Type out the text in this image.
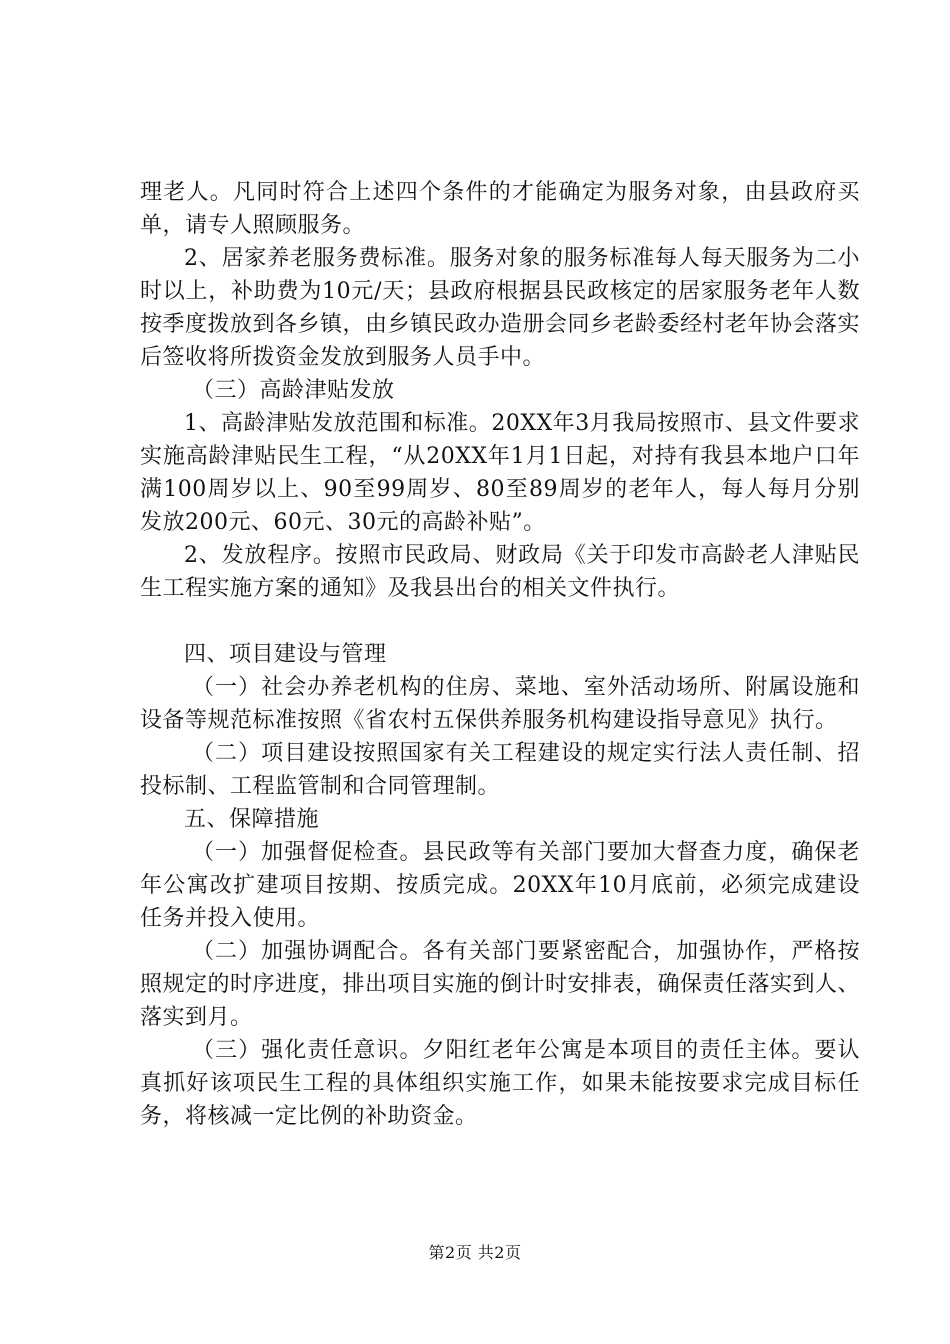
理老人。凡同时符合上述四个条件的才能确定为服务对象，由县政府买单，请专人照顾服务。

2、居家养老服务费标准。服务对象的服务标准每人每天服务为二小时以上，补助费为10元/天；县政府根据县民政核定的居家服务老年人数按季度拨放到各乡镇，由乡镇民政办造册会同乡老龄委经村老年协会落实后签收将所拨资金发放到服务人员手中。

（三）高龄津贴发放

1、高龄津贴发放范围和标准。20XX年3月我局按照市、县文件要求实施高龄津贴民生工程，“从20XX年1月1日起，对持有我县本地户口年满100周岁以上、90至99周岁、80至89周岁的老年人，每人每月分别发放200元、60元、30元的高龄补贴”。

2、发放程序。按照市民政局、财政局《关于印发市高龄老人津贴民生工程实施方案的通知》及我县出台的相关文件执行。

四、项目建设与管理

（一）社会办养老机构的住房、菜地、室外活动场所、附属设施和设备等规范标准按照《省农村五保供养服务机构建设指导意见》执行。

（二）项目建设按照国家有关工程建设的规定实行法人责任制、招投标制、工程监管制和合同管理制。

五、保障措施

（一）加强督促检查。县民政等有关部门要加大督查力度，确保老年公寓改扩建项目按期、按质完成。20XX年10月底前，必须完成建设任务并投入使用。

（二）加强协调配合。各有关部门要紧密配合，加强协作，严格按照规定的时序进度，排出项目实施的倒计时安排表，确保责任落实到人、落实到月。

（三）强化责任意识。夕阳红老年公寓是本项目的责任主体。要认真抓好该项民生工程的具体组织实施工作，如果未能按要求完成目标任务，将核减一定比例的补助资金。

第2页 共2页
